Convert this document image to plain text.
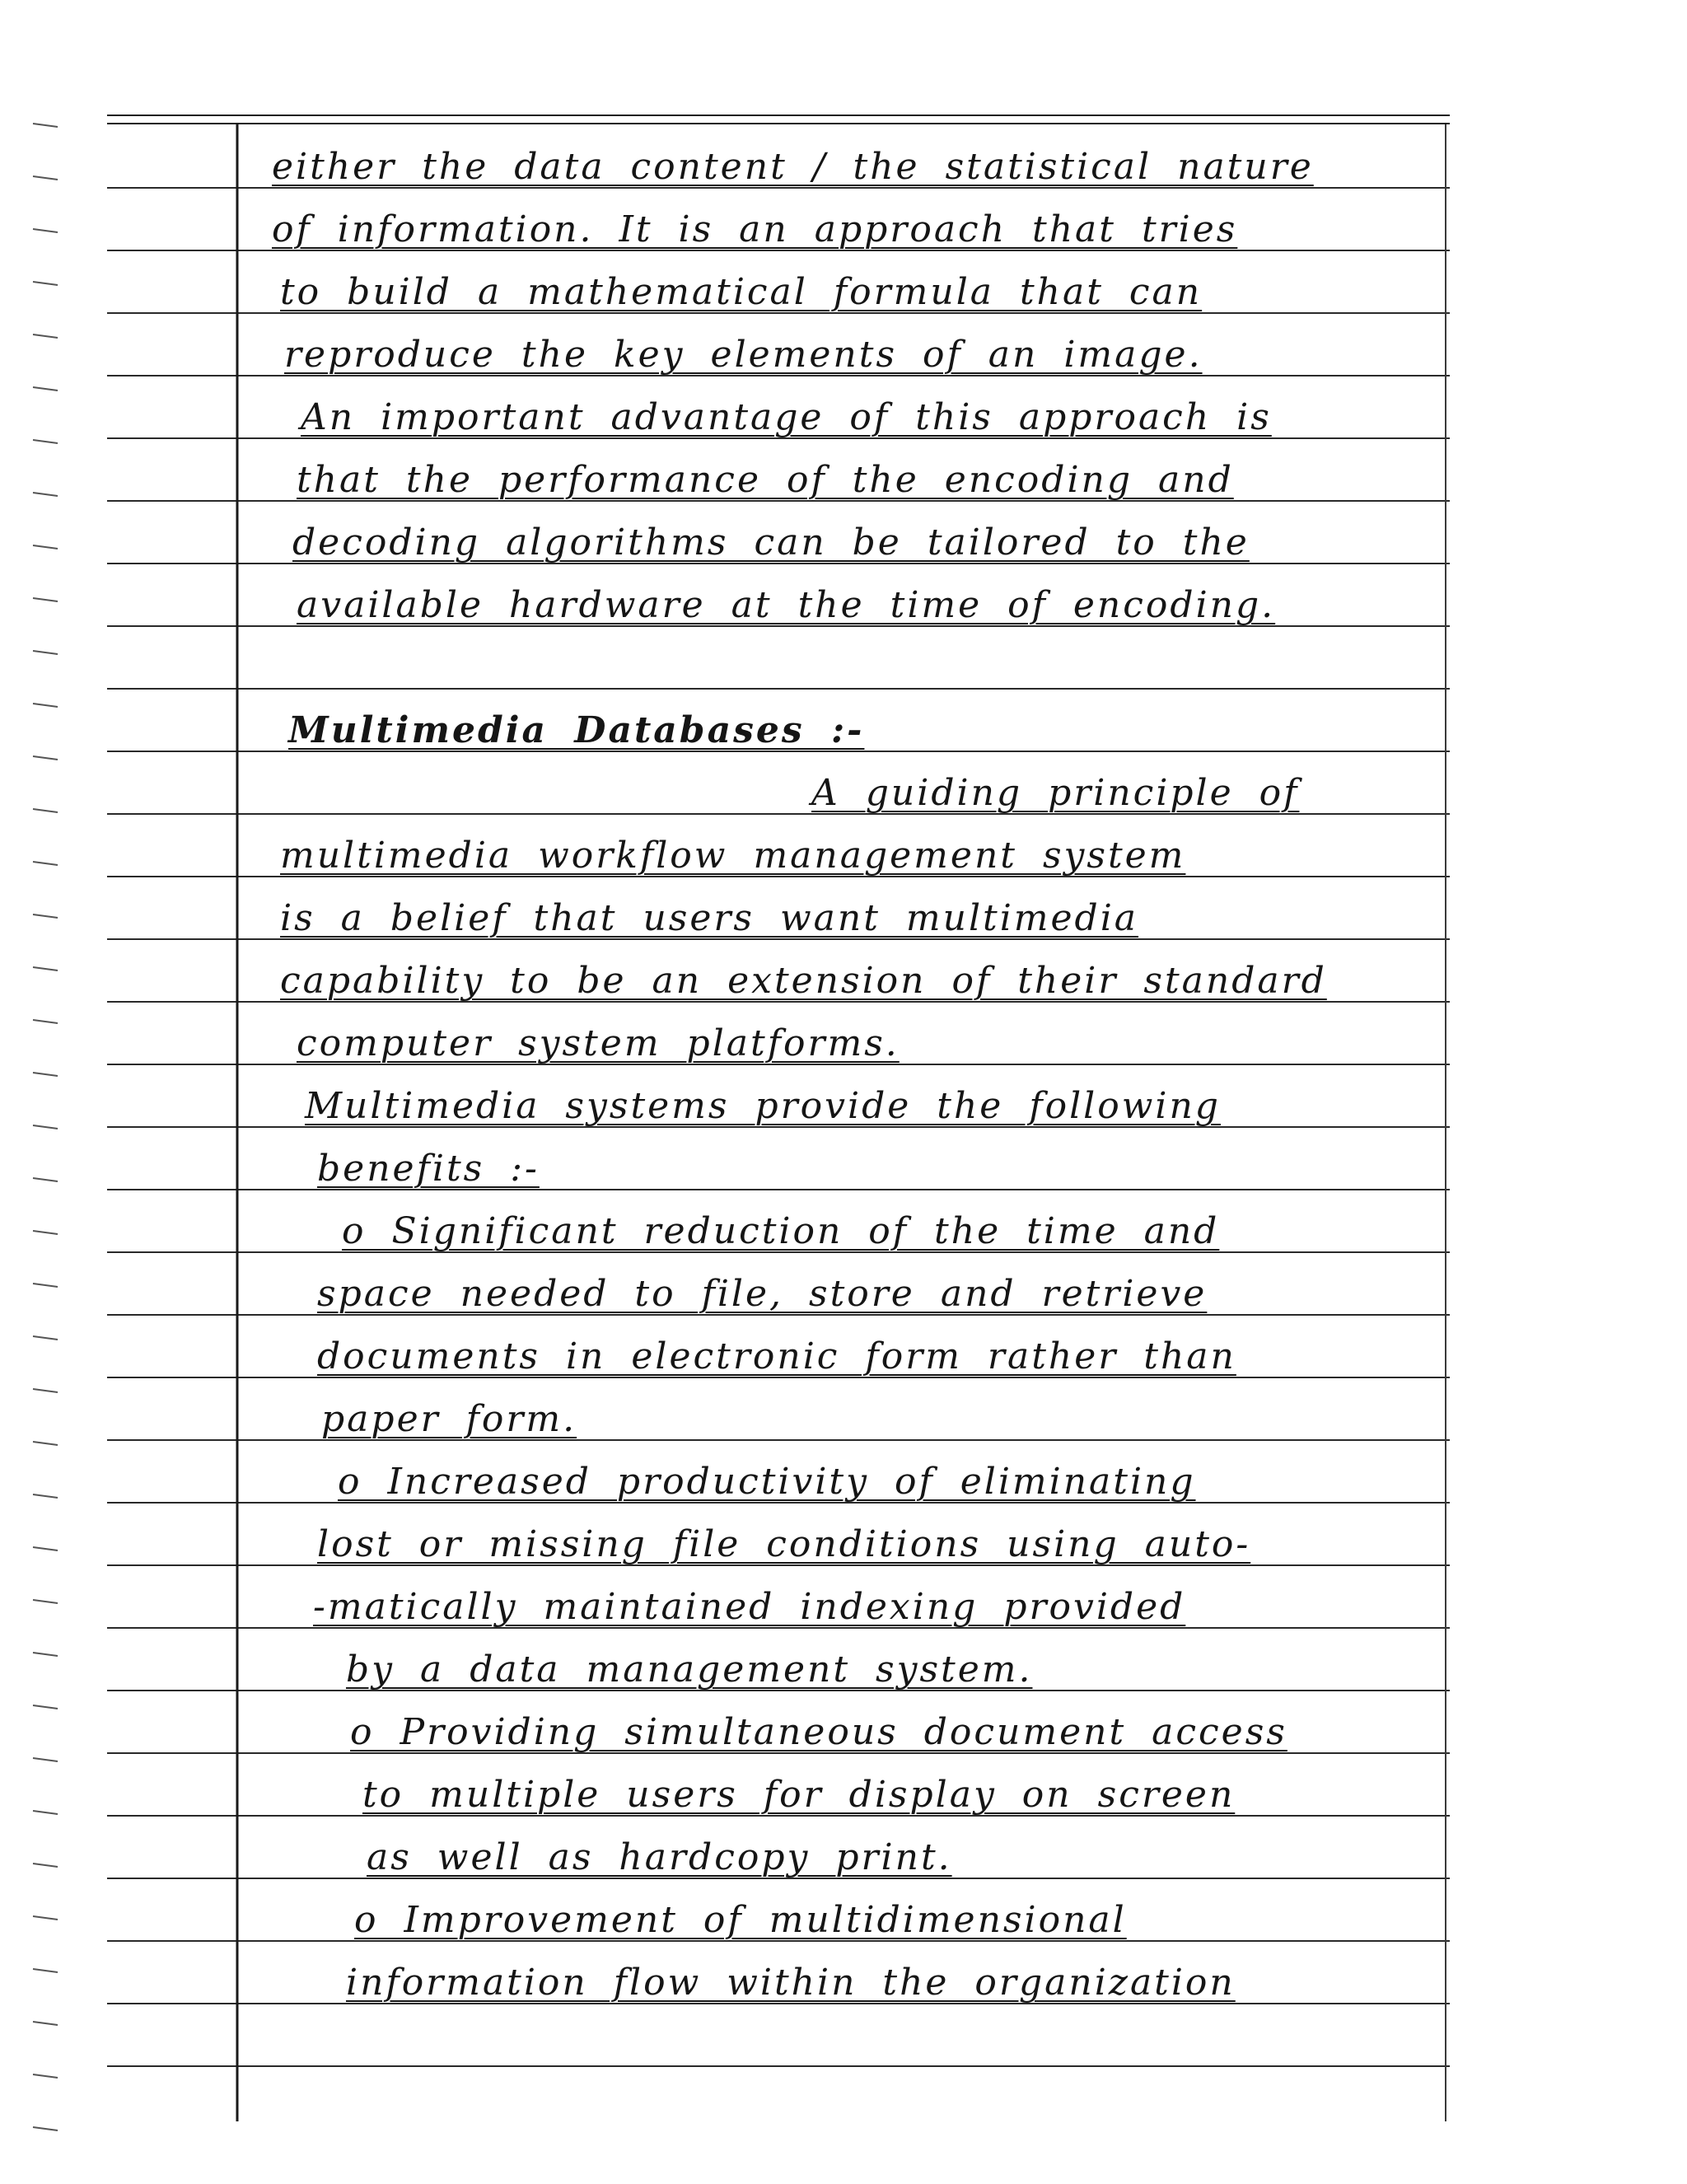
either the data content / the statistical nature
of information. It is an approach that tries
to build a mathematical formula that can
reproduce the key elements of an image.
An important advantage of this approach is
that the performance of the encoding and
decoding algorithms can be tailored to the
available hardware at the time of encoding.
Multimedia Databases :-
A guiding principle of
multimedia workflow management system
is a belief that users want multimedia
capability to be an extension of their standard
computer system platforms.
Multimedia systems provide the following
benefits :-
o Significant reduction of the time and
space needed to file, store and retrieve
documents in electronic form rather than
paper form.
o Increased productivity of eliminating
lost or missing file conditions using auto-
-matically maintained indexing provided
by a data management system.
o Providing simultaneous document access
to multiple users for display on screen
as well as hardcopy print.
o Improvement of multidimensional
information flow within the organization
